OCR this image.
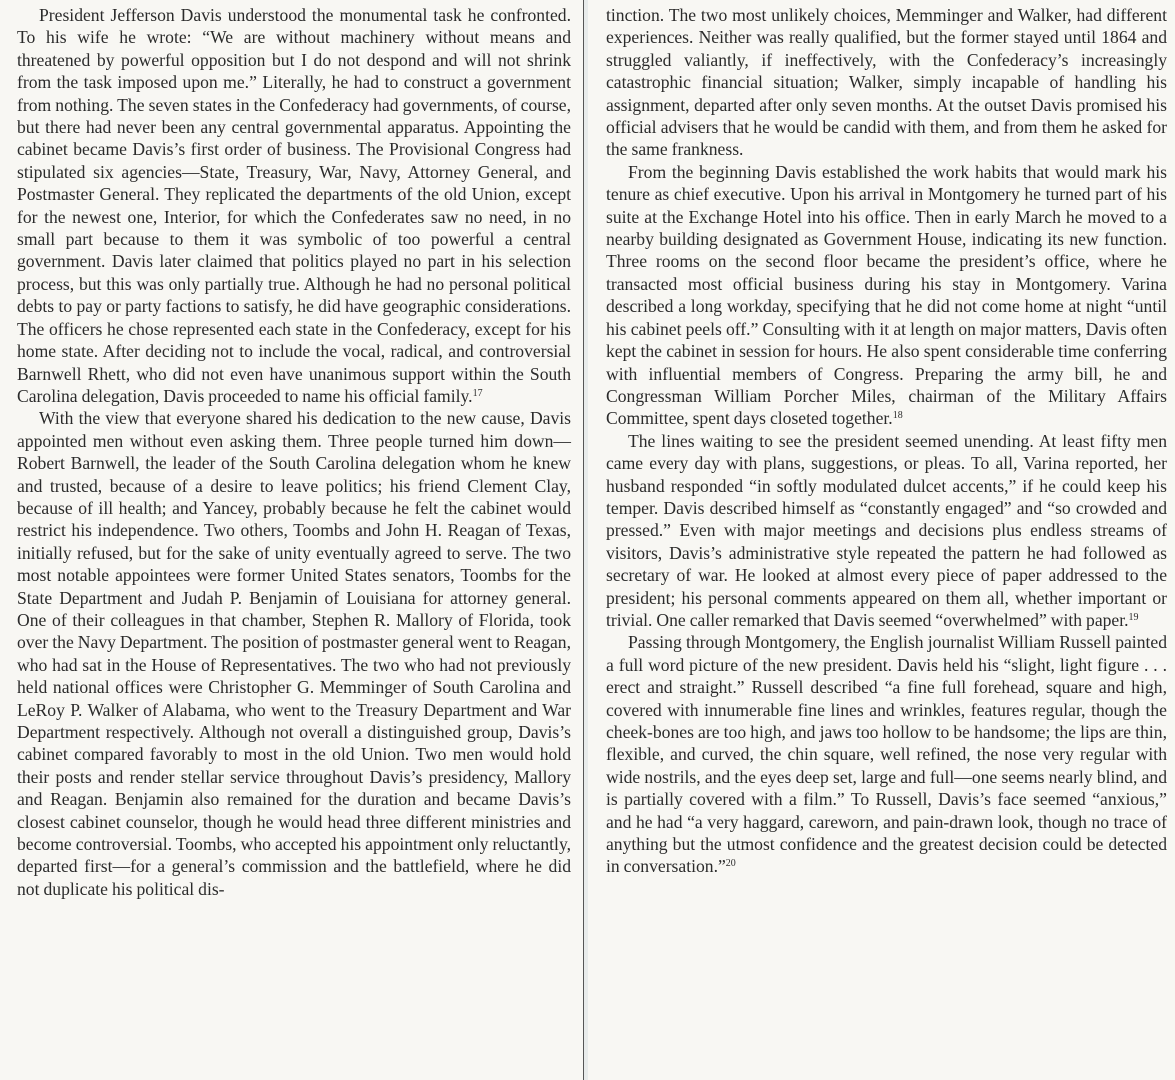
President Jefferson Davis understood the monumental task he confronted. To his wife he wrote: “We are without machinery without means and threatened by powerful opposition but I do not despond and will not shrink from the task imposed upon me.” Literally, he had to construct a government from nothing. The seven states in the Confederacy had governments, of course, but there had never been any central governmental apparatus. Appointing the cabinet became Davis’s first order of business. The Provisional Congress had stipulated six agencies—State, Treasury, War, Navy, Attorney General, and Postmaster General. They replicated the departments of the old Union, except for the newest one, Interior, for which the Confederates saw no need, in no small part because to them it was symbolic of too powerful a central government. Davis later claimed that politics played no part in his selection process, but this was only partially true. Although he had no personal political debts to pay or party factions to satisfy, he did have geographic considerations. The officers he chose represented each state in the Confederacy, except for his home state. After deciding not to include the vocal, radical, and controversial Barnwell Rhett, who did not even have unanimous support within the South Carolina delegation, Davis proceeded to name his official family.$^{17}$

With the view that everyone shared his dedication to the new cause, Davis appointed men without even asking them. Three people turned him down—Robert Barnwell, the leader of the South Carolina delegation whom he knew and trusted, because of a desire to leave politics; his friend Clement Clay, because of ill health; and Yancey, probably because he felt the cabinet would restrict his independence. Two others, Toombs and John H. Reagan of Texas, initially refused, but for the sake of unity eventually agreed to serve. The two most notable appointees were former United States senators, Toombs for the State Department and Judah P. Benjamin of Louisiana for attorney general. One of their colleagues in that chamber, Stephen R. Mallory of Florida, took over the Navy Department. The position of postmaster general went to Reagan, who had sat in the House of Representatives. The two who had not previously held national offices were Christopher G. Memminger of South Carolina and LeRoy P. Walker of Alabama, who went to the Treasury Department and War Department respectively. Although not overall a distinguished group, Davis’s cabinet compared favorably to most in the old Union. Two men would hold their posts and render stellar service throughout Davis’s presidency, Mallory and Reagan. Benjamin also remained for the duration and became Davis’s closest cabinet counselor, though he would head three different ministries and become controversial. Toombs, who accepted his appointment only reluctantly, departed first—for a general’s commission and the battlefield, where he did not duplicate his political dis-

tinction. The two most unlikely choices, Memminger and Walker, had different experiences. Neither was really qualified, but the former stayed until 1864 and struggled valiantly, if ineffectively, with the Confederacy’s increasingly catastrophic financial situation; Walker, simply incapable of handling his assignment, departed after only seven months. At the outset Davis promised his official advisers that he would be candid with them, and from them he asked for the same frankness.

From the beginning Davis established the work habits that would mark his tenure as chief executive. Upon his arrival in Montgomery he turned part of his suite at the Exchange Hotel into his office. Then in early March he moved to a nearby building designated as Government House, indicating its new function. Three rooms on the second floor became the president’s office, where he transacted most official business during his stay in Montgomery. Varina described a long workday, specifying that he did not come home at night “until his cabinet peels off.” Consulting with it at length on major matters, Davis often kept the cabinet in session for hours. He also spent considerable time conferring with influential members of Congress. Preparing the army bill, he and Congressman William Porcher Miles, chairman of the Military Affairs Committee, spent days closeted together.$^{18}$

The lines waiting to see the president seemed unending. At least fifty men came every day with plans, suggestions, or pleas. To all, Varina reported, her husband responded “in softly modulated dulcet accents,” if he could keep his temper. Davis described himself as “constantly engaged” and “so crowded and pressed.” Even with major meetings and decisions plus endless streams of visitors, Davis’s administrative style repeated the pattern he had followed as secretary of war. He looked at almost every piece of paper addressed to the president; his personal comments appeared on them all, whether important or trivial. One caller remarked that Davis seemed “overwhelmed” with paper.$^{19}$

Passing through Montgomery, the English journalist William Russell painted a full word picture of the new president. Davis held his “slight, light figure . . . erect and straight.” Russell described “a fine full forehead, square and high, covered with innumerable fine lines and wrinkles, features regular, though the cheek-bones are too high, and jaws too hollow to be handsome; the lips are thin, flexible, and curved, the chin square, well refined, the nose very regular with wide nostrils, and the eyes deep set, large and full—one seems nearly blind, and is partially covered with a film.” To Russell, Davis’s face seemed “anxious,” and he had “a very haggard, careworn, and pain-drawn look, though no trace of anything but the utmost confidence and the greatest decision could be detected in conversation.”$^{20}$
